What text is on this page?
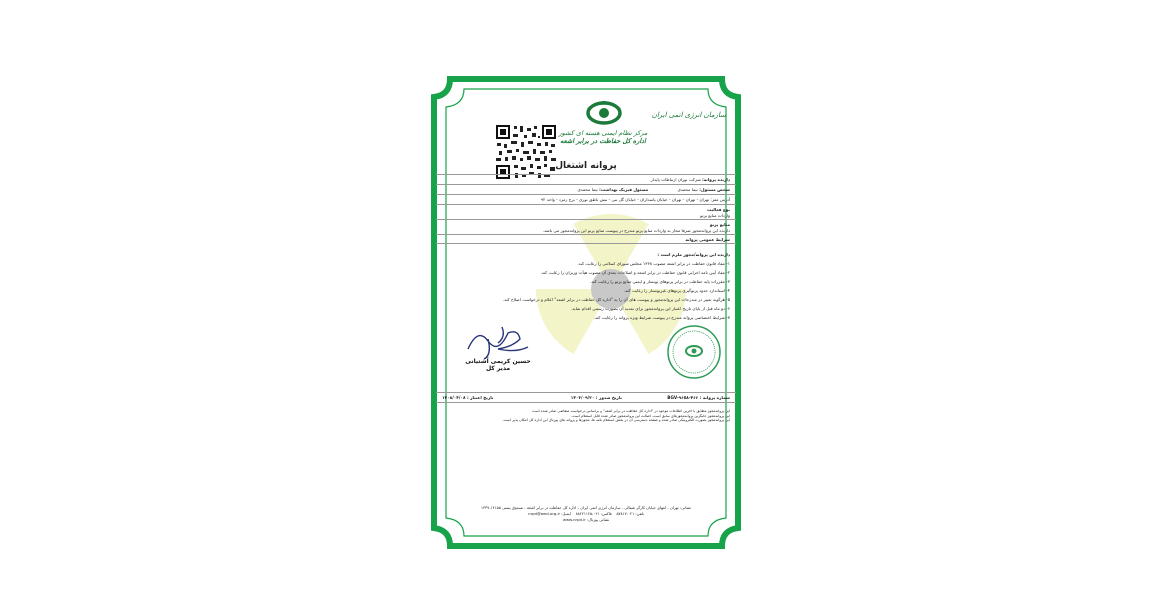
مرکز نظام ایمنی هسته ای کشور
اداره کل حفاظت در برابر اشعه
سازمان انرژی اتمی ایران
پروانه اشتغال
دارنده پروانه: شرکت نوران ارتباطات پایدار
شخص مسئول: نیما محمدی                      مسئول فیزیک بهداشت: نیما محمدی
آدرس مقر: تهران - تهران - تهران - خیابان پاسداران - خیابان گل نبی - نبش ناطق نوری - برج زمرد - واحد ۹۲
نوع فعالیت
واردات منابع پرتو
منابع پرتو
دارنده این پروانه‌مجوز صرفا مجاز به واردات منابع پرتو مندرج در پیوست منابع پرتو این پروانه‌مجوز می باشد.
شرایط عمومی پروانه
دارنده این پروانه/مجوز ملزم است :
۱- مفاد قانون حفاظت در برابر اشعه مصوب ۱۳۶۸ مجلس شورای اسلامی را رعایت کند.
۲- مفاد آیین نامه اجرایی قانون حفاظت در برابر اشعه و اصلاحات بعدی آن مصوب هیأت وزیران را رعایت کند.
۳- مقررات پایه حفاظت در برابر پرتوهای یونساز و ایمنی منابع پرتو را رعایت کند.
۴- استاندارد حدود پرتوگیری پرتوهای غیریونساز را رعایت کند.
۵- هرگونه تغییر در مندرجات این پروانه‌مجوز و پیوست های آن را به "اداره کل حفاظت در برابر اشعه" اعلام و درخواست اصلاح کند.
۶- دو ماه قبل از پایان تاریخ اعتبار این پروانه‌مجوز برای تمدید آن بصورت رسمی اقدام نماید.
۷- شرایط اختصاصی پروانه مندرج در پیوست شرایط ویژه پروانه را رعایت کند.
حسین کریمی آشتیانی
مدیر کل
شماره پروانه : BGV-۹۶۵۸-۴۶۶
تاریخ صدور : ۱۴۰۳/۰۹/۲۰
تاریخ اعتبار : ۱۴۰۸/۰۴/۰۸
این پروانه‌مجوز مطابق با آخرین اطلاعات موجود در "اداره کل حفاظت در برابر اشعه" و براساس درخواست متقاضی صادر شده است
این پروانه‌مجوز جایگزین پروانه‌مجوزهای سابق است. اصالت این پروانه‌مجوز صادر شده قابل استعلام است.
این پروانه‌مجوز بصورت الکترونیکی صادر شده و صفحه دسترسی آن در بخش استعلام نامه ها، مجوزها و پروانه های پورتال این اداره کل امکان پذیر است.
نشانی: تهران - انتهای خیابان کارگر شمالی - سازمان انرژی اتمی ایران - اداره کل حفاظت در برابر اشعه - صندوق پستی ۱۴۱۵۵-۱۳۳۹
تلفن: ۰۲۱-۵۷۸۱۷    فاکس: ۰۲۱-۸۸۲۲۱۱۲۵    ایمیل: nrpd@aeoi.org.ir
نشانی پورتال: www.nrpd.ir
